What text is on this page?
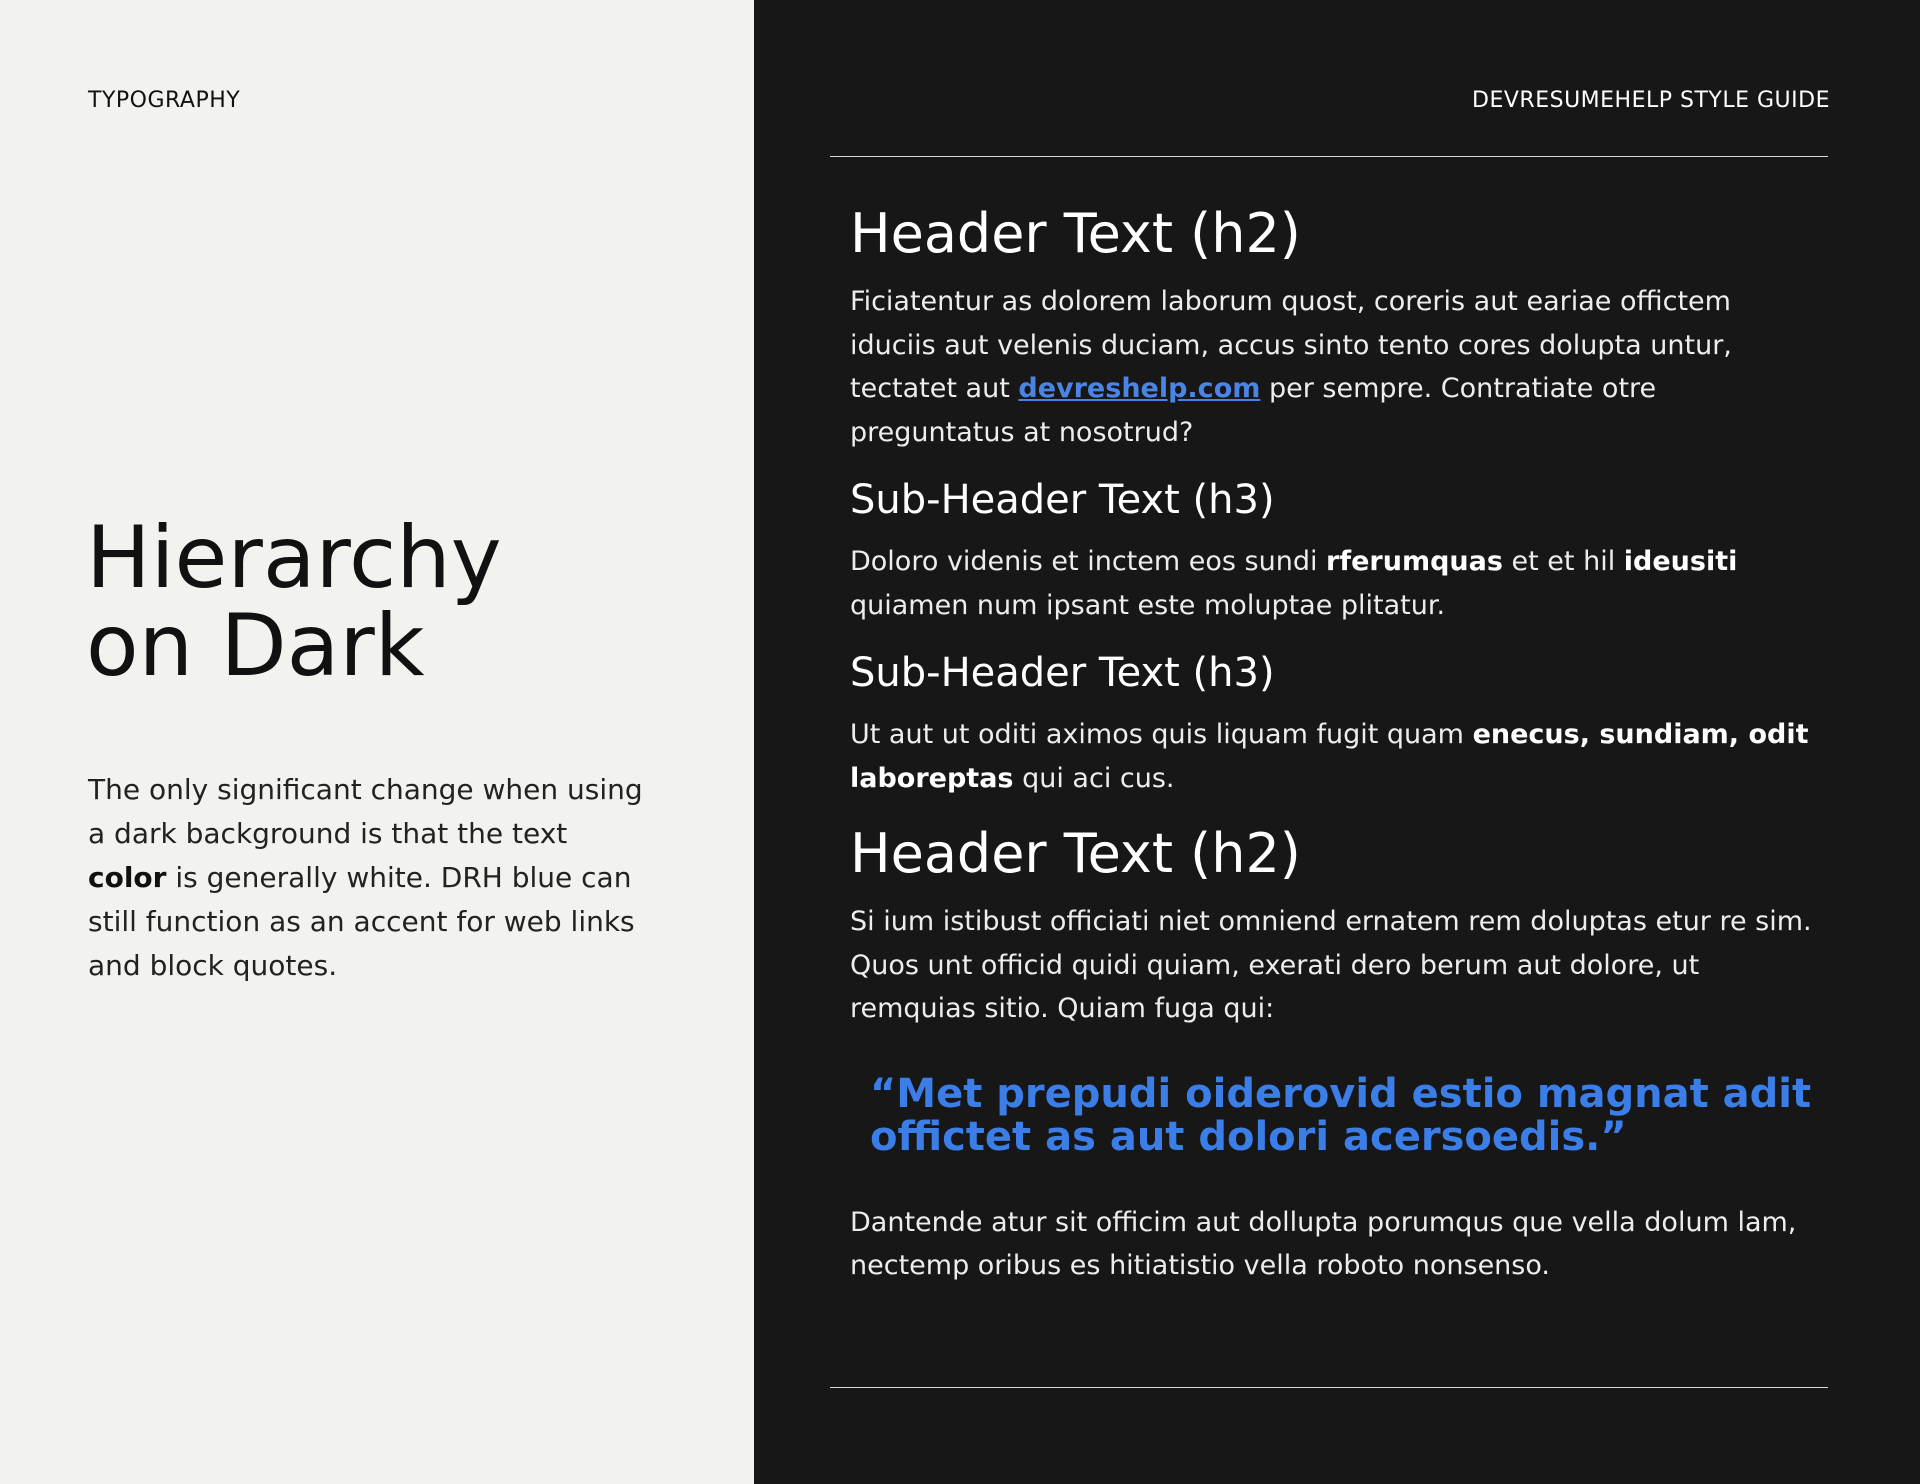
TYPOGRAPHY
Hierarchy
on Dark
The only significant change when using a dark background is that the text color is generally white. DRH blue can still function as an accent for web links and block quotes.
DEVRESUMEHELP STYLE GUIDE
Header Text (h2)

Ficiatentur as dolorem laborum quost, coreris aut eariae offictem iduciis aut velenis duciam, accus sinto tento cores dolupta untur, tectatet aut devreshelp.com per sempre. Contratiate otre preguntatus at nosotrud?

Sub-Header Text (h3)

Doloro videnis et inctem eos sundi rferumquas et et hil ideusiti quiamen num ipsant este moluptae plitatur.

Sub-Header Text (h3)

Ut aut ut oditi aximos quis liquam fugit quam enecus, sundiam, odit laboreptas qui aci cus.

Header Text (h2)

Si ium istibust officiati niet omniend ernatem rem doluptas etur re sim. Quos unt officid quidi quiam, exerati dero berum aut dolore, ut remquias sitio. Quiam fuga qui:

“Met prepudi oiderovid estio magnat adit offictet as aut dolori acersoedis.”

Dantende atur sit officim aut dollupta porumqus que vella dolum lam, nectemp oribus es hitiatistio vella roboto nonsenso.
